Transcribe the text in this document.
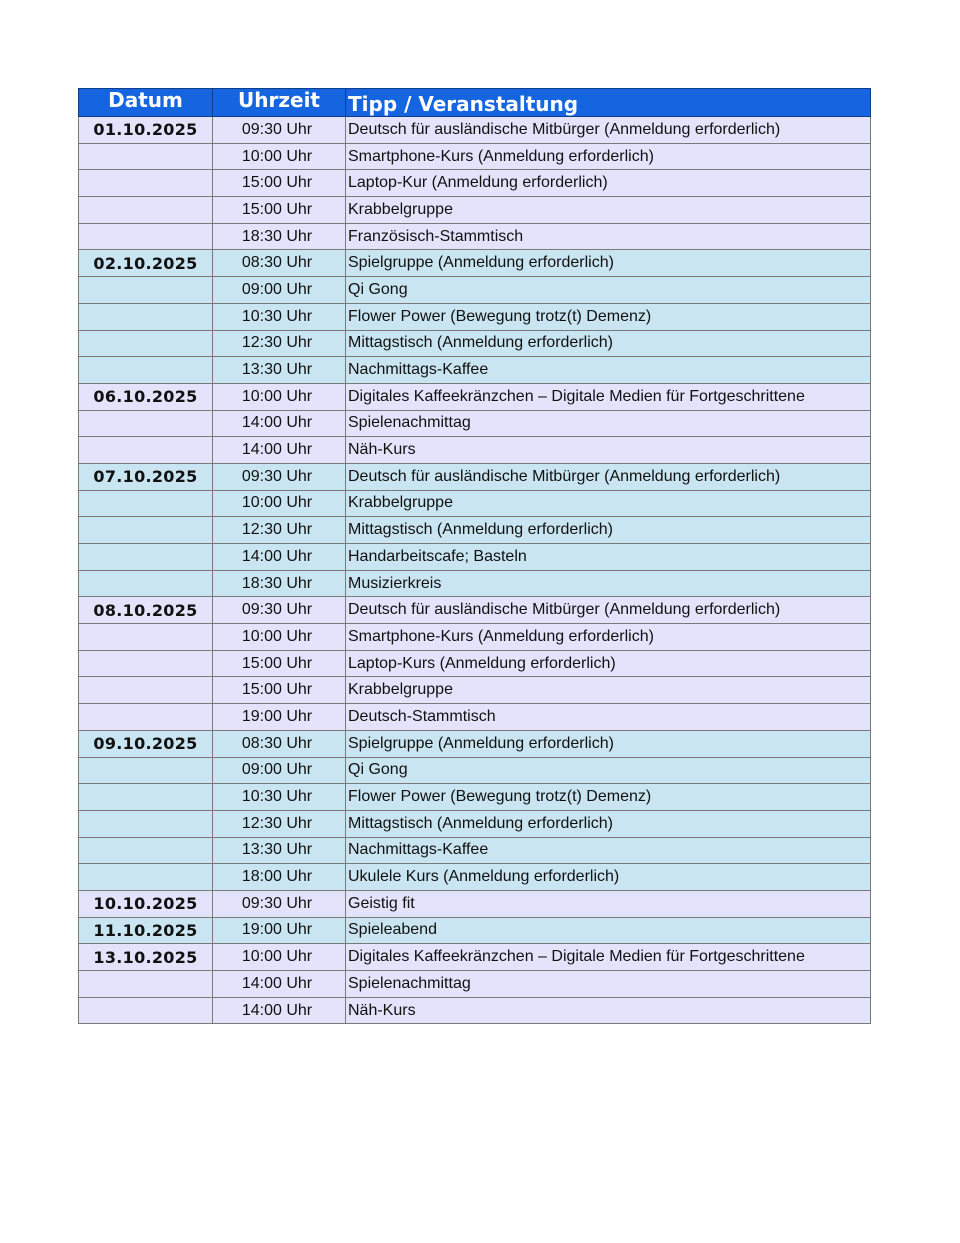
Datum	Uhrzeit	Tipp / Veranstaltung
01.10.2025	09:30 Uhr	Deutsch für ausländische Mitbürger (Anmeldung erforderlich)
	10:00 Uhr	Smartphone-Kurs (Anmeldung erforderlich)
	15:00 Uhr	Laptop-Kur (Anmeldung erforderlich)
	15:00 Uhr	Krabbelgruppe
	18:30 Uhr	Französisch-Stammtisch
02.10.2025	08:30 Uhr	Spielgruppe (Anmeldung erforderlich)
	09:00 Uhr	Qi Gong
	10:30 Uhr	Flower Power (Bewegung trotz(t) Demenz)
	12:30 Uhr	Mittagstisch (Anmeldung erforderlich)
	13:30 Uhr	Nachmittags-Kaffee
06.10.2025	10:00 Uhr	Digitales Kaffeekränzchen – Digitale Medien für Fortgeschrittene
	14:00 Uhr	Spielenachmittag
	14:00 Uhr	Näh-Kurs
07.10.2025	09:30 Uhr	Deutsch für ausländische Mitbürger (Anmeldung erforderlich)
	10:00 Uhr	Krabbelgruppe
	12:30 Uhr	Mittagstisch (Anmeldung erforderlich)
	14:00 Uhr	Handarbeitscafe; Basteln
	18:30 Uhr	Musizierkreis
08.10.2025	09:30 Uhr	Deutsch für ausländische Mitbürger (Anmeldung erforderlich)
	10:00 Uhr	Smartphone-Kurs (Anmeldung erforderlich)
	15:00 Uhr	Laptop-Kurs (Anmeldung erforderlich)
	15:00 Uhr	Krabbelgruppe
	19:00 Uhr	Deutsch-Stammtisch
09.10.2025	08:30 Uhr	Spielgruppe (Anmeldung erforderlich)
	09:00 Uhr	Qi Gong
	10:30 Uhr	Flower Power (Bewegung trotz(t) Demenz)
	12:30 Uhr	Mittagstisch (Anmeldung erforderlich)
	13:30 Uhr	Nachmittags-Kaffee
	18:00 Uhr	Ukulele Kurs (Anmeldung erforderlich)
10.10.2025	09:30 Uhr	Geistig fit
11.10.2025	19:00 Uhr	Spieleabend
13.10.2025	10:00 Uhr	Digitales Kaffeekränzchen – Digitale Medien für Fortgeschrittene
	14:00 Uhr	Spielenachmittag
	14:00 Uhr	Näh-Kurs
